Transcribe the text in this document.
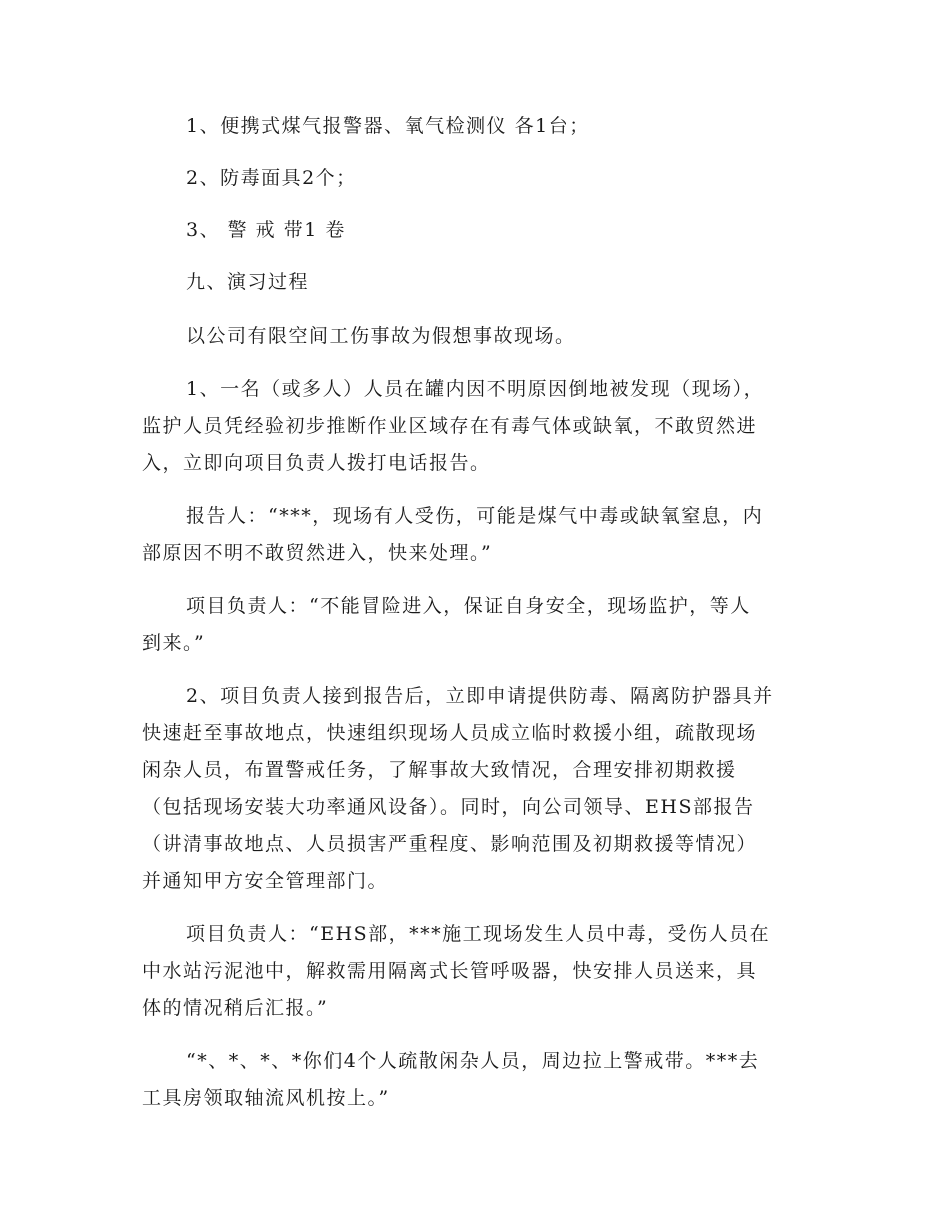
1、便携式煤气报警器、氧气检测仪 各1台；
2、防毒面具2个；
3、 警 戒 带1 卷
九、演习过程
以公司有限空间工伤事故为假想事故现场。
1、一名（或多人）人员在罐内因不明原因倒地被发现（现场），
监护人员凭经验初步推断作业区域存在有毒气体或缺氧，不敢贸然进
入，立即向项目负责人拨打电话报告。
报告人：“***，现场有人受伤，可能是煤气中毒或缺氧窒息，内
部原因不明不敢贸然进入，快来处理。”
项目负责人：“不能冒险进入，保证自身安全，现场监护，等人
到来。”
2、项目负责人接到报告后，立即申请提供防毒、隔离防护器具并
快速赶至事故地点，快速组织现场人员成立临时救援小组，疏散现场
闲杂人员，布置警戒任务，了解事故大致情况，合理安排初期救援
（包括现场安装大功率通风设备）。同时，向公司领导、EHS部报告
（讲清事故地点、人员损害严重程度、影响范围及初期救援等情况）
并通知甲方安全管理部门。
项目负责人：“EHS部，***施工现场发生人员中毒，受伤人员在
中水站污泥池中，解救需用隔离式长管呼吸器，快安排人员送来，具
体的情况稍后汇报。”
“*、*、*、*你们4个人疏散闲杂人员，周边拉上警戒带。***去
工具房领取轴流风机按上。”
